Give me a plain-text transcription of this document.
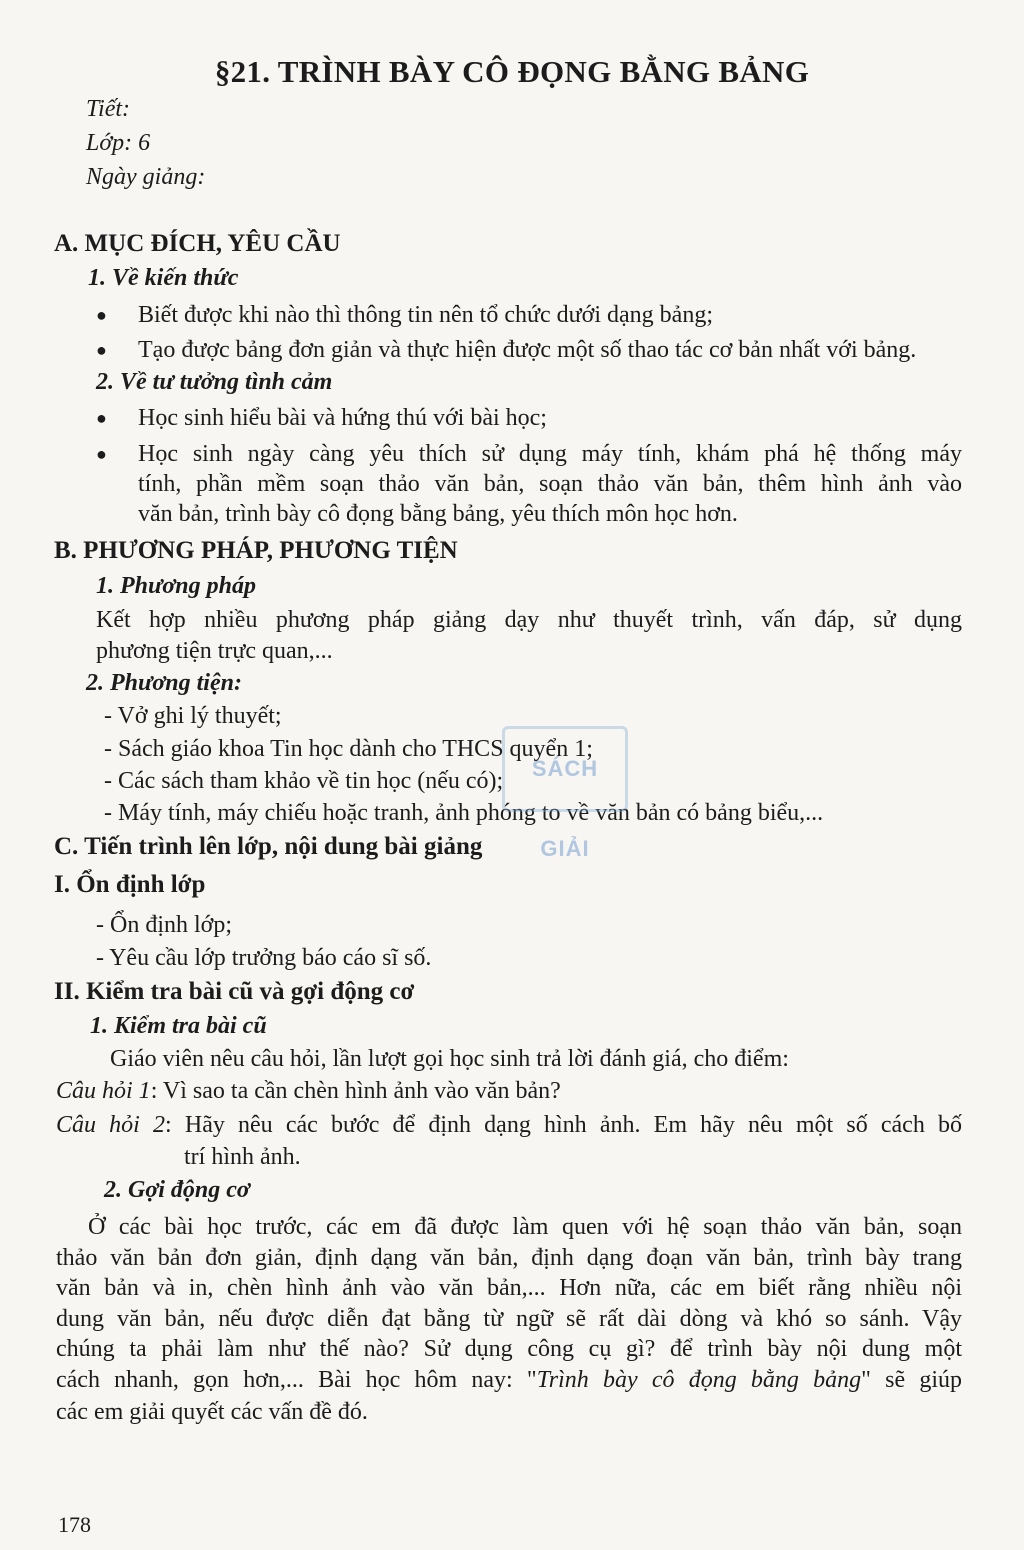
§21. TRÌNH BÀY CÔ ĐỌNG BẰNG BẢNG

Tiết:

Lớp: 6

Ngày giảng:

A. MỤC ĐÍCH, YÊU CẦU
1. Về kiến thức
● Biết được khi nào thì thông tin nên tổ chức dưới dạng bảng;

● Tạo được bảng đơn giản và thực hiện được một số thao tác cơ bản nhất với bảng.

2. Về tư tưởng tình cảm
● Học sinh hiểu bài và hứng thú với bài học;

● Học sinh ngày càng yêu thích sử dụng máy tính, khám phá hệ thống máy

tính, phần mềm soạn thảo văn bản, soạn thảo văn bản, thêm hình ảnh vào

văn bản, trình bày cô đọng bằng bảng, yêu thích môn học hơn.

B. PHƯƠNG PHÁP, PHƯƠNG TIỆN
1. Phương pháp

Kết hợp nhiều phương pháp giảng dạy như thuyết trình, vấn đáp, sử dụng

phương tiện trực quan,...

2. Phương tiện:

- Vở ghi lý thuyết;

- Sách giáo khoa Tin học dành cho THCS quyển 1;

- Các sách tham khảo về tin học (nếu có);

- Máy tính, máy chiếu hoặc tranh, ảnh phóng to về văn bản có bảng biểu,...

C. Tiến trình lên lớp, nội dung bài giảng
I. Ổn định lớp

- Ổn định lớp;

- Yêu cầu lớp trưởng báo cáo sĩ số.

II. Kiểm tra bài cũ và gợi động cơ
1. Kiểm tra bài cũ

Giáo viên nêu câu hỏi, lần lượt gọi học sinh trả lời đánh giá, cho điểm:

Câu hỏi 1: Vì sao ta cần chèn hình ảnh vào văn bản?

Câu hỏi 2: Hãy nêu các bước để định dạng hình ảnh. Em hãy nêu một số cách bố

trí hình ảnh.

2. Gợi động cơ

Ở các bài học trước, các em đã được làm quen với hệ soạn thảo văn bản, soạn

thảo văn bản đơn giản, định dạng văn bản, định dạng đoạn văn bản, trình bày trang

văn bản và in, chèn hình ảnh vào văn bản,... Hơn nữa, các em biết rằng nhiều nội

dung văn bản, nếu được diễn đạt bằng từ ngữ sẽ rất dài dòng và khó so sánh. Vậy

chúng ta phải làm như thế nào? Sử dụng công cụ gì? để trình bày nội dung một

cách nhanh, gọn hơn,... Bài học hôm nay: "Trình bày cô đọng bằng bảng" sẽ giúp

các em giải quyết các vấn đề đó.

SÁCH GIẢI

178
